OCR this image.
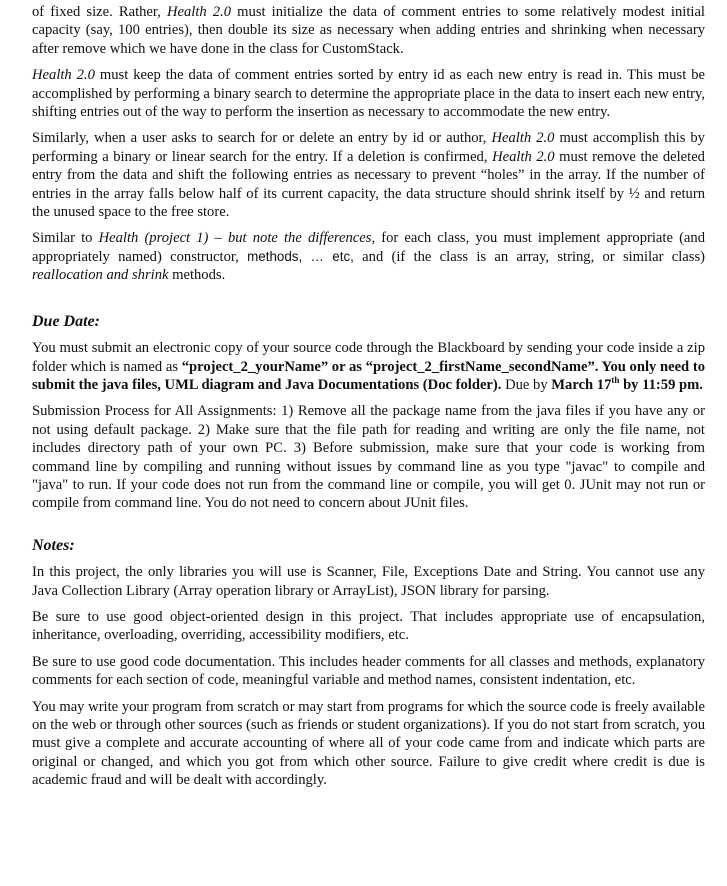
of fixed size. Rather, Health 2.0 must initialize the data of comment entries to some relatively modest initial capacity (say, 100 entries), then double its size as necessary when adding entries and shrinking when necessary after remove which we have done in the class for CustomStack.

Health 2.0 must keep the data of comment entries sorted by entry id as each new entry is read in. This must be accomplished by performing a binary search to determine the appropriate place in the data to insert each new entry, shifting entries out of the way to perform the insertion as necessary to accommodate the new entry.

Similarly, when a user asks to search for or delete an entry by id or author, Health 2.0 must accomplish this by performing a binary or linear search for the entry. If a deletion is confirmed, Health 2.0 must remove the deleted entry from the data and shift the following entries as necessary to prevent “holes” in the array. If the number of entries in the array falls below half of its current capacity, the data structure should shrink itself by ½ and return the unused space to the free store.

Similar to Health (project 1) – but note the differences, for each class, you must implement appropriate (and appropriately named) constructor, methods, … etc, and (if the class is an array, string, or similar class) reallocation and shrink methods.

Due Date:

You must submit an electronic copy of your source code through the Blackboard by sending your code inside a zip folder which is named as “project_2_yourName” or as “project_2_firstName_secondName”. You only need to submit the java files, UML diagram and Java Documentations (Doc folder). Due by March 17th by 11:59 pm.

Submission Process for All Assignments: 1) Remove all the package name from the java files if you have any or not using default package. 2) Make sure that the file path for reading and writing are only the file name, not includes directory path of your own PC. 3) Before submission, make sure that your code is working from command line by compiling and running without issues by command line as you type "javac" to compile and "java" to run. If your code does not run from the command line or compile, you will get 0. JUnit may not run or compile from command line. You do not need to concern about JUnit files.

Notes:

In this project, the only libraries you will use is Scanner, File, Exceptions Date and String. You cannot use any Java Collection Library (Array operation library or ArrayList), JSON library for parsing.

Be sure to use good object-oriented design in this project. That includes appropriate use of encapsulation, inheritance, overloading, overriding, accessibility modifiers, etc.

Be sure to use good code documentation. This includes header comments for all classes and methods, explanatory comments for each section of code, meaningful variable and method names, consistent indentation, etc.

You may write your program from scratch or may start from programs for which the source code is freely available on the web or through other sources (such as friends or student organizations). If you do not start from scratch, you must give a complete and accurate accounting of where all of your code came from and indicate which parts are original or changed, and which you got from which other source. Failure to give credit where credit is due is academic fraud and will be dealt with accordingly.
